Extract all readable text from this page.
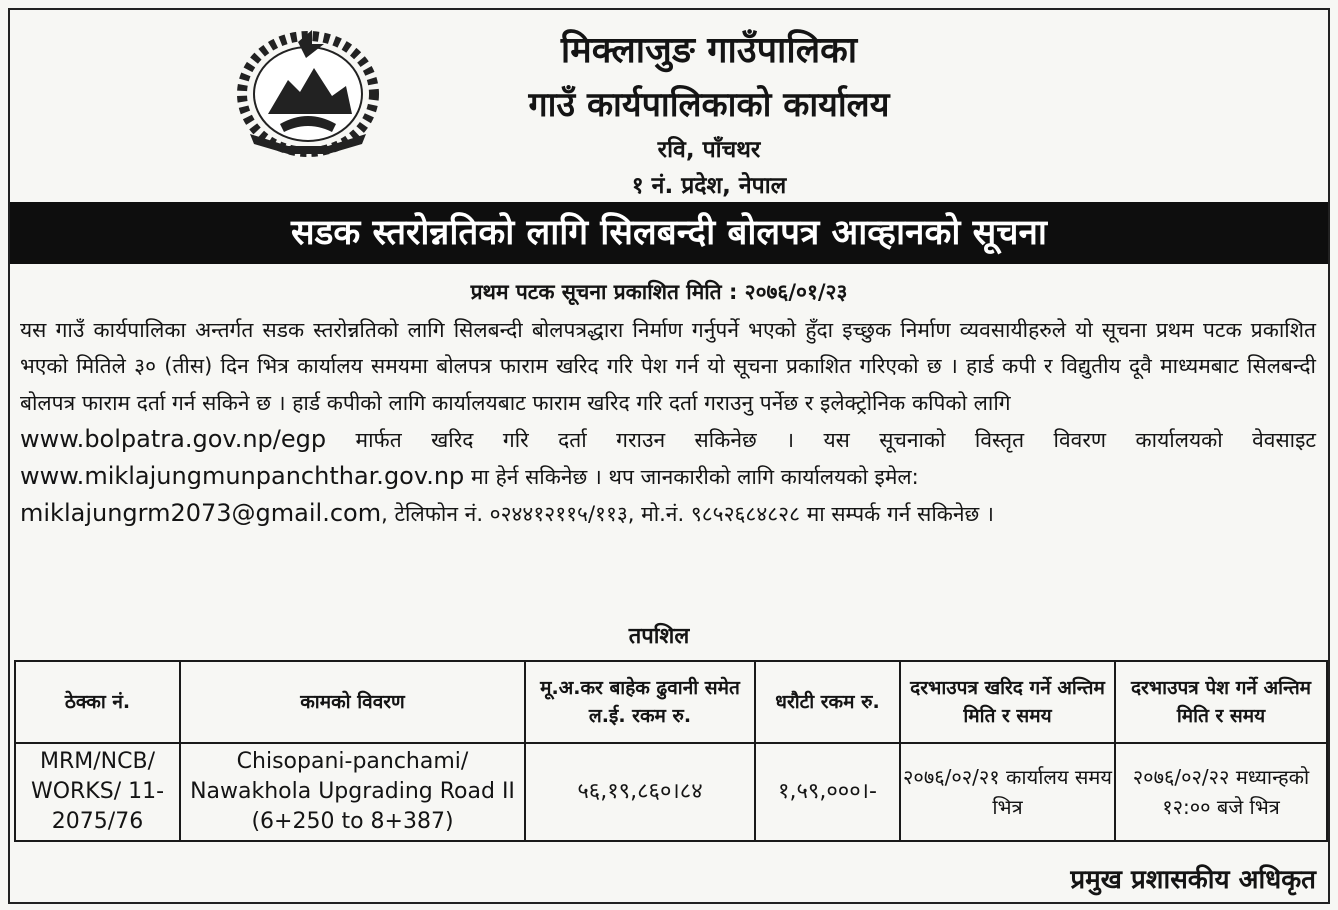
मिक्लाजुङ गाउँपालिका
गाउँ कार्यपालिकाको कार्यालय
रवि, पाँचथर
१ नं. प्रदेश, नेपाल
सडक स्तरोन्नतिको लागि सिलबन्दी बोलपत्र आव्हानको सूचना
प्रथम पटक सूचना प्रकाशित मिति : २०७६/०१/२३
यस गाउँ कार्यपालिका अन्तर्गत सडक स्तरोन्नतिको लागि सिलबन्दी बोलपत्रद्धारा निर्माण गर्नुपर्ने भएको हुँदा इच्छुक निर्माण व्यवसायीहरुले यो सूचना प्रथम पटक प्रकाशित भएको मितिले ३० (तीस) दिन भित्र कार्यालय समयमा बोलपत्र फाराम खरिद गरि पेश गर्न यो सूचना प्रकाशित गरिएको छ । हार्ड कपी र विद्युतीय दूवै माध्यमबाट सिलबन्दी बोलपत्र फाराम दर्ता गर्न सकिने छ । हार्ड कपीको लागि कार्यालयबाट फाराम खरिद गरि दर्ता गराउनु पर्नेछ र इलेक्ट्रोनिक कपिको लागि
www.bolpatra.gov.np/egp मार्फत खरिद गरि दर्ता गराउन सकिनेछ । यस सूचनाको विस्तृत विवरण कार्यालयको वेवसाइट www.miklajungmunpanchthar.gov.np मा हेर्न सकिनेछ । थप जानकारीको लागि कार्यालयको इमेल:
miklajungrm2073@gmail.com, टेलिफोन नं. ०२४४१२११५/११३, मो.नं. ९८५२६८४८२८ मा सम्पर्क गर्न सकिनेछ ।
तपशिल
ठेक्का नं.	कामको विवरण	मू.अ.कर बाहेक ढुवानी समेत ल.ई. रकम रु.	धरौटी रकम रु.	दरभाउपत्र खरिद गर्ने अन्तिम मिति र समय	दरभाउपत्र पेश गर्ने अन्तिम मिति र समय
MRM/NCB/ WORKS/ 11-2075/76	Chisopani-panchami/ Nawakhola Upgrading Road II (6+250 to 8+387)	५६,१९,८६०।८४	१,५९,०००।-	२०७६/०२/२१ कार्यालय समय भित्र	२०७६/०२/२२ मध्यान्हको १२:०० बजे भित्र
प्रमुख प्रशासकीय अधिकृत
